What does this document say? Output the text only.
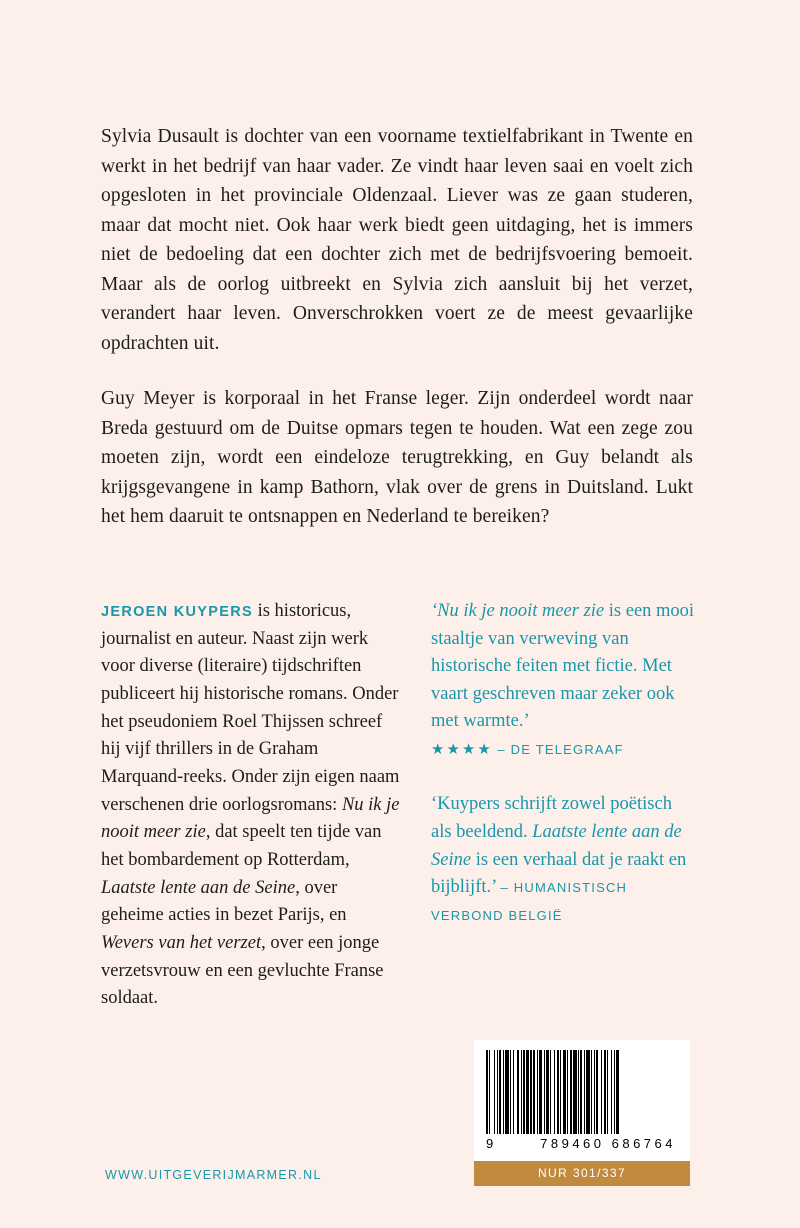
Sylvia Dusault is dochter van een voorname textielfabrikant in Twente en werkt in het bedrijf van haar vader. Ze vindt haar leven saai en voelt zich opgesloten in het provinciale Oldenzaal. Liever was ze gaan studeren, maar dat mocht niet. Ook haar werk biedt geen uitdaging, het is immers niet de bedoeling dat een dochter zich met de bedrijfsvoering bemoeit. Maar als de oorlog uitbreekt en Sylvia zich aansluit bij het verzet, verandert haar leven. Onverschrokken voert ze de meest gevaarlijke opdrachten uit.

Guy Meyer is korporaal in het Franse leger. Zijn onderdeel wordt naar Breda gestuurd om de Duitse opmars tegen te houden. Wat een zege zou moeten zijn, wordt een eindeloze terugtrekking, en Guy belandt als krijgsgevangene in kamp Bathorn, vlak over de grens in Duitsland. Lukt het hem daaruit te ontsnappen en Nederland te bereiken?

JEROEN KUYPERS is historicus, journalist en auteur. Naast zijn werk voor diverse (literaire) tijdschriften publiceert hij historische romans. Onder het pseudoniem Roel Thijssen schreef hij vijf thrillers in de Graham Marquand-reeks. Onder zijn eigen naam verschenen drie oorlogsromans: Nu ik je nooit meer zie, dat speelt ten tijde van het bombardement op Rotterdam, Laatste lente aan de Seine, over geheime acties in bezet Parijs, en Wevers van het verzet, over een jonge verzetsvrouw en een gevluchte Franse soldaat.

‘Nu ik je nooit meer zie is een mooi staaltje van verweving van historische feiten met fictie. Met vaart geschreven maar zeker ook met warmte.’
★★★★ – DE TELEGRAAF

‘Kuypers schrijft zowel poëtisch als beeldend. Laatste lente aan de Seine is een verhaal dat je raakt en bijblijft.’ – HUMANISTISCH VERBOND BELGIË

9	789460 686764
NUR 301/337
WWW.UITGEVERIJMARMER.NL
